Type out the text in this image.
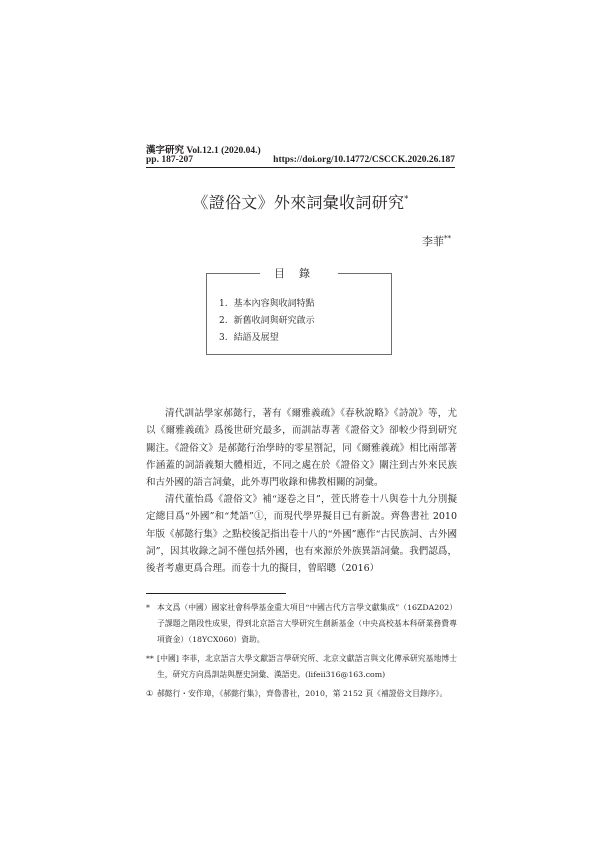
漢字研究 Vol.12.1 (2020.04.)
pp. 187-207	https://doi.org/10.14772/CSCCK.2020.26.187
《證俗文》外來詞彙收詞研究*
李菲**
目錄
1. 基本內容與收詞特點
2. 新舊收詞與研究啟示
3. 結語及展望

清代訓詁學家郝懿行，著有《爾雅義疏》《春秋說略》《詩說》等，尤以《爾雅義疏》爲後世研究最多，而訓詁專著《證俗文》卻較少得到研究關注。《證俗文》是郝懿行治學時的零星劄記，同《爾雅義疏》相比兩部著作涵蓋的詞語義類大體相近，不同之處在於《證俗文》關注到古外來民族和古外國的語言詞彙，此外專門收錄和佛教相關的詞彙。

清代董怡爲《證俗文》補“逐卷之目”，萱氏將卷十八與卷十九分別擬定總目爲“外國”和“梵語”①，而現代學界擬目已有新說。齊魯書社 2010 年版《郝懿行集》之點校後記指出卷十八的“外國”應作“古民族詞、古外國詞”，因其收錄之詞不僅包括外國，也有來源於外族異語詞彙。我們認爲，後者考慮更爲合理。而卷十九的擬目，曾昭聰（2016）

* 本文爲（中國）國家社會科學基金重大項目“中國古代方言學文獻集成”（16ZDA202）子課題之階段性成果，得到北京語言大學研究生創新基金（中央高校基本科研業務費專項資金）（18YCX060）資助。

** [中國] 李菲，北京語言大學文獻語言學研究所、北京文獻語言與文化傳承研究基地博士生，研究方向爲訓詁與歷史詞彙、漢語史。(lifeii316@163.com)

① 郝懿行・安作璋，《郝懿行集》，齊魯書社，2010，第 2152 頁《補證俗文目錄序》。
